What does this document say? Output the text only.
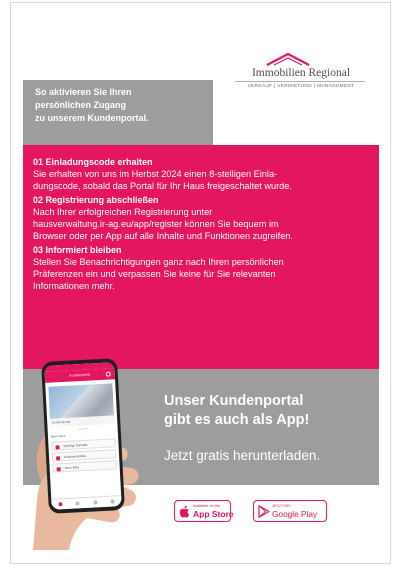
So aktivieren Sie Ihren
persönlichen Zugang
zu unserem Kundenportal.
Immobilien Regional
VERKAUF | VERMIETUNG | MANAGEMENT
01 Einladungscode erhalten
Sie erhalten von uns im Herbst 2024 einen 8-stelligen Einla-
dungscode, sobald das Portal für Ihr Haus freigeschaltet wurde.
02 Registrierung abschließen
Nach Ihrer erfolgreichen Registrierung unter
hausverwaltung.ir-ag.eu/app/register können Sie bequem im
Browser oder per App auf alle Inhalte und Funktionen zugreifen.
03 Informiert bleiben
Stellen Sie Benachrichtigungen ganz nach Ihren persönlichen
Präferenzen ein und verpassen Sie keine für Sie relevanten
Informationen mehr.
Unser Kundenportal
gibt es auch als App!
Jetzt gratis herunterladen.
Available on the
App Store
JETZT BEI
Google Play
Kundenportal
Kundenportal
• • • • •
Mein Haus
Wichtige Kontakte
Dokumente/Akte
Neue Infos
